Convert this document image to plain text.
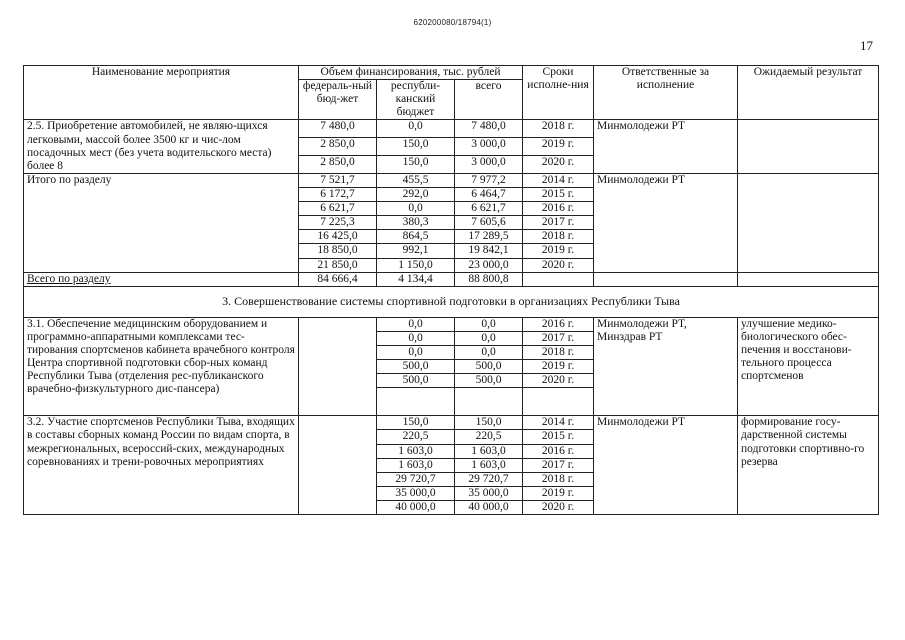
620200080/18794(1)
17
Наименование мероприятия	Объем финансирования, тыс. рублей			Сроки исполне-ния	Ответственные за исполнение	Ожидаемый результат
	федераль-ный бюд-жет	республи-канский бюджет	всего			
2.5. Приобретение автомобилей, не являю-щихся легковыми, массой более 3500 кг и чис-лом посадочных мест (без учета водительского места) более 8	7 480,0	0,0	7 480,0	2018 г.	Минмолодежи РТ	
	2 850,0	150,0	3 000,0	2019 г.		
	2 850,0	150,0	3 000,0	2020 г.		
Итого по разделу	7 521,7	455,5	7 977,2	2014 г.	Минмолодежи РТ	
	6 172,7	292,0	6 464,7	2015 г.		
	6 621,7	0,0	6 621,7	2016 г.		
	7 225,3	380,3	7 605,6	2017 г.		
	16 425,0	864,5	17 289,5	2018 г.		
	18 850,0	992,1	19 842,1	2019 г.		
	21 850,0	1 150,0	23 000,0	2020 г.		
Всего по разделу	84 666,4	4 134,4	88 800,8			
3. Совершенствование системы спортивной подготовки в организациях Республики Тыва						
3.1. Обеспечение медицинским оборудованием и программно-аппаратными комплексами тес-тирования спортсменов кабинета врачебного контроля Центра спортивной подготовки сбор-ных команд Республики Тыва (отделения рес-публиканского врачебно-физкультурного дис-пансера)		0,0	0,0	2016 г.	Минмолодежи РТ, Минздрав РТ	улучшение медико-биологического обес-печения и восстанови-тельного процесса спортсменов
		0,0	0,0	2017 г.		
		0,0	0,0	2018 г.		
		500,0	500,0	2019 г.		
		500,0	500,0	2020 г.		

3.2. Участие спортсменов Республики Тыва, входящих в составы сборных команд России по видам спорта, в межрегиональных, всероссий-ских, международных соревнованиях и трени-ровочных мероприятиях		150,0	150,0	2014 г.	Минмолодежи РТ	формирование госу-дарственной системы подготовки спортивно-го резерва
		220,5	220,5	2015 г.		
		1 603,0	1 603,0	2016 г.		
		1 603,0	1 603,0	2017 г.		
		29 720,7	29 720,7	2018 г.		
		35 000,0	35 000,0	2019 г.		
		40 000,0	40 000,0	2020 г.		
